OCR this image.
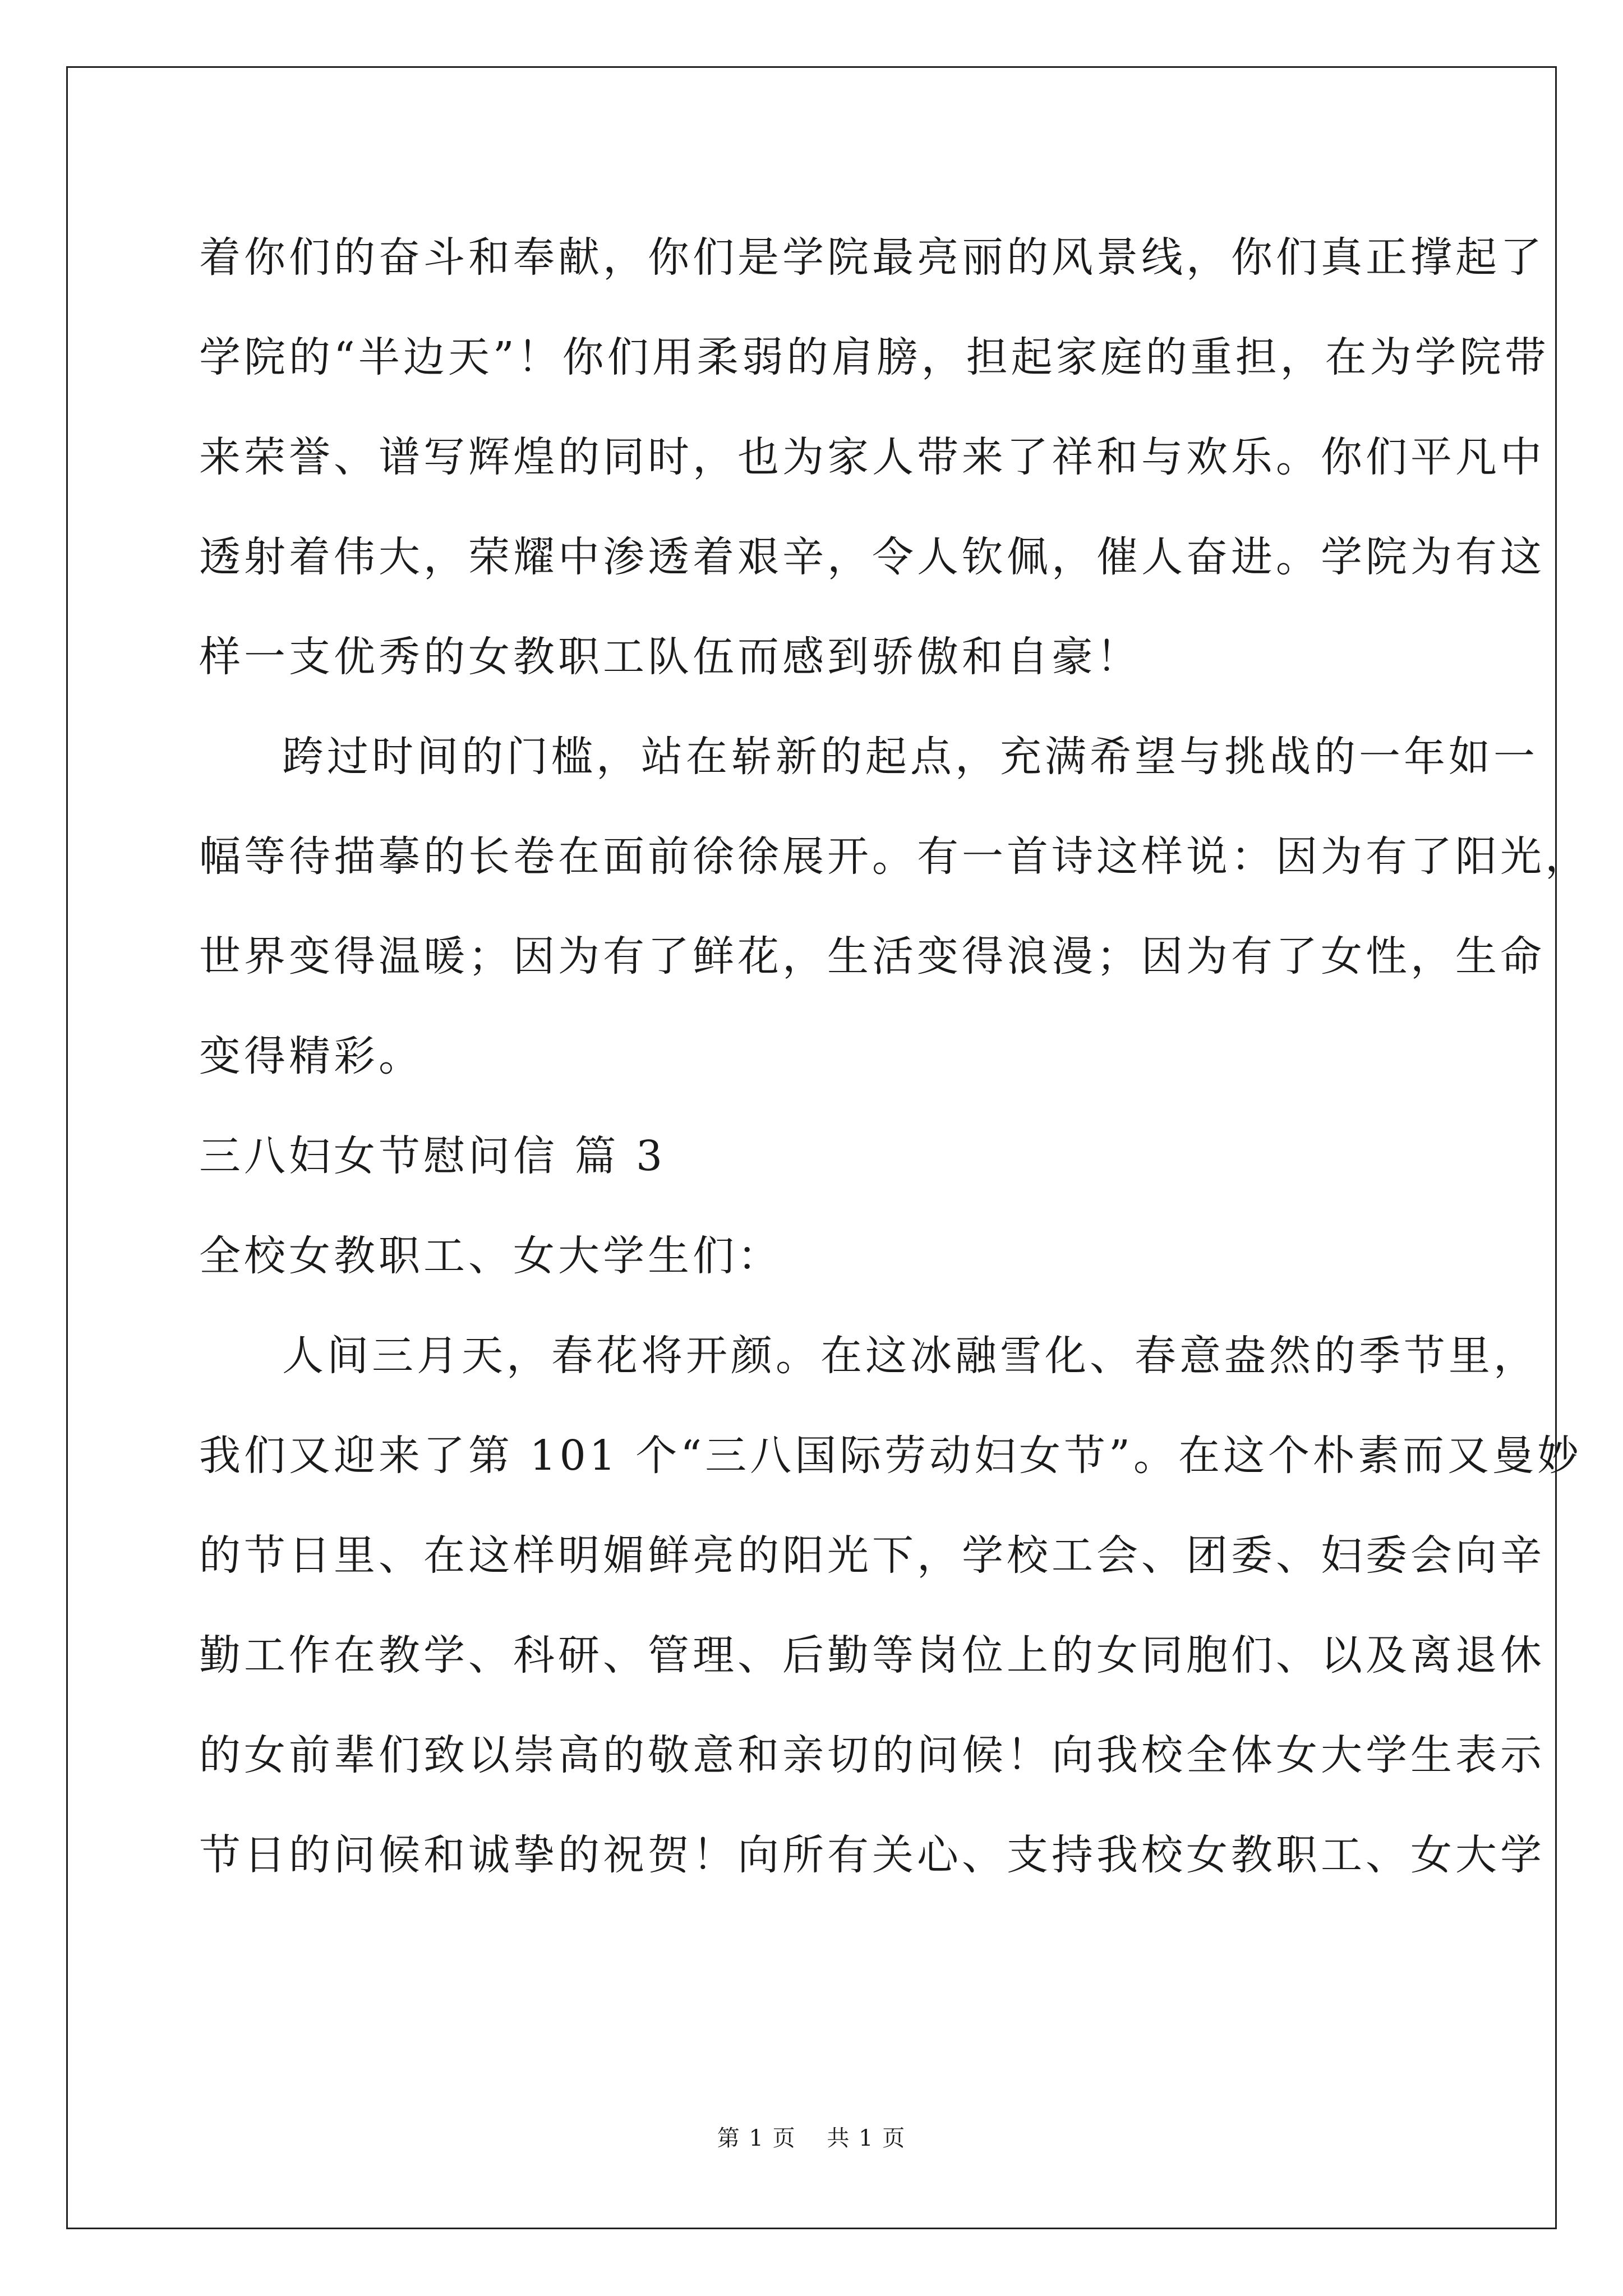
着你们的奋斗和奉献，你们是学院最亮丽的风景线，你们真正撑起了
学院的“半边天”！你们用柔弱的肩膀，担起家庭的重担，在为学院带
来荣誉、谱写辉煌的同时，也为家人带来了祥和与欢乐。你们平凡中
透射着伟大，荣耀中渗透着艰辛，令人钦佩，催人奋进。学院为有这
样一支优秀的女教职工队伍而感到骄傲和自豪！
跨过时间的门槛，站在崭新的起点，充满希望与挑战的一年如一
幅等待描摹的长卷在面前徐徐展开。有一首诗这样说：因为有了阳光，
世界变得温暖；因为有了鲜花，生活变得浪漫；因为有了女性，生命
变得精彩。
三八妇女节慰问信 篇 3
全校女教职工、女大学生们：
人间三月天，春花将开颜。在这冰融雪化、春意盎然的季节里，
我们又迎来了第 101 个“三八国际劳动妇女节”。在这个朴素而又曼妙
的节日里、在这样明媚鲜亮的阳光下，学校工会、团委、妇委会向辛
勤工作在教学、科研、管理、后勤等岗位上的女同胞们、以及离退休
的女前辈们致以崇高的敬意和亲切的问候！向我校全体女大学生表示
节日的问候和诚挚的祝贺！向所有关心、支持我校女教职工、女大学
第 1 页 共 1 页
